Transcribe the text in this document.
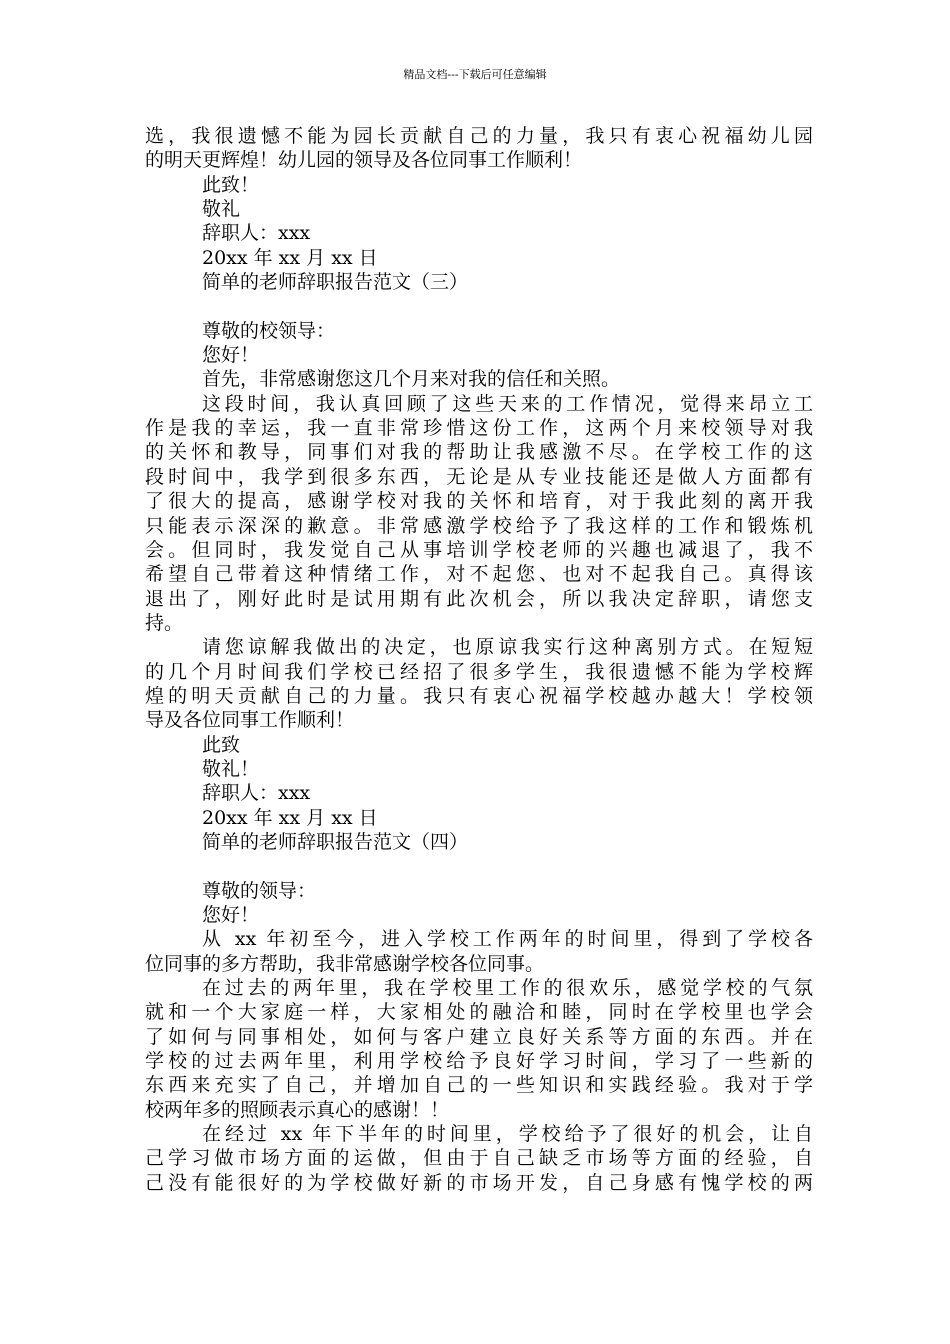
精品文档---下载后可任意编辑
选，我很遗憾不能为园长贡献自己的力量，我只有衷心祝福幼儿园
的明天更辉煌！幼儿园的领导及各位同事工作顺利！
此致！
敬礼
辞职人：xxx
20xx 年 xx 月 xx 日
简单的老师辞职报告范文（三）
尊敬的校领导：
您好！
首先，非常感谢您这几个月来对我的信任和关照。
这段时间，我认真回顾了这些天来的工作情况，觉得来昂立工
作是我的幸运，我一直非常珍惜这份工作，这两个月来校领导对我
的关怀和教导，同事们对我的帮助让我感激不尽。在学校工作的这
段时间中，我学到很多东西，无论是从专业技能还是做人方面都有
了很大的提高，感谢学校对我的关怀和培育，对于我此刻的离开我
只能表示深深的歉意。非常感激学校给予了我这样的工作和锻炼机
会。但同时，我发觉自己从事培训学校老师的兴趣也减退了，我不
希望自己带着这种情绪工作，对不起您、也对不起我自己。真得该
退出了，刚好此时是试用期有此次机会，所以我决定辞职，请您支
持。
请您谅解我做出的决定，也原谅我实行这种离别方式。在短短
的几个月时间我们学校已经招了很多学生，我很遗憾不能为学校辉
煌的明天贡献自己的力量。我只有衷心祝福学校越办越大！学校领
导及各位同事工作顺利！
此致
敬礼！
辞职人：xxx
20xx 年 xx 月 xx 日
简单的老师辞职报告范文（四）
尊敬的领导：
您好！
从 xx 年初至今，进入学校工作两年的时间里，得到了学校各
位同事的多方帮助，我非常感谢学校各位同事。
在过去的两年里，我在学校里工作的很欢乐，感觉学校的气氛
就和一个大家庭一样，大家相处的融洽和睦，同时在学校里也学会
了如何与同事相处，如何与客户建立良好关系等方面的东西。并在
学校的过去两年里，利用学校给予良好学习时间，学习了一些新的
东西来充实了自己，并增加自己的一些知识和实践经验。我对于学
校两年多的照顾表示真心的感谢！！
在经过 xx 年下半年的时间里，学校给予了很好的机会，让自
己学习做市场方面的运做，但由于自己缺乏市场等方面的经验，自
己没有能很好的为学校做好新的市场开发，自己身感有愧学校的两
